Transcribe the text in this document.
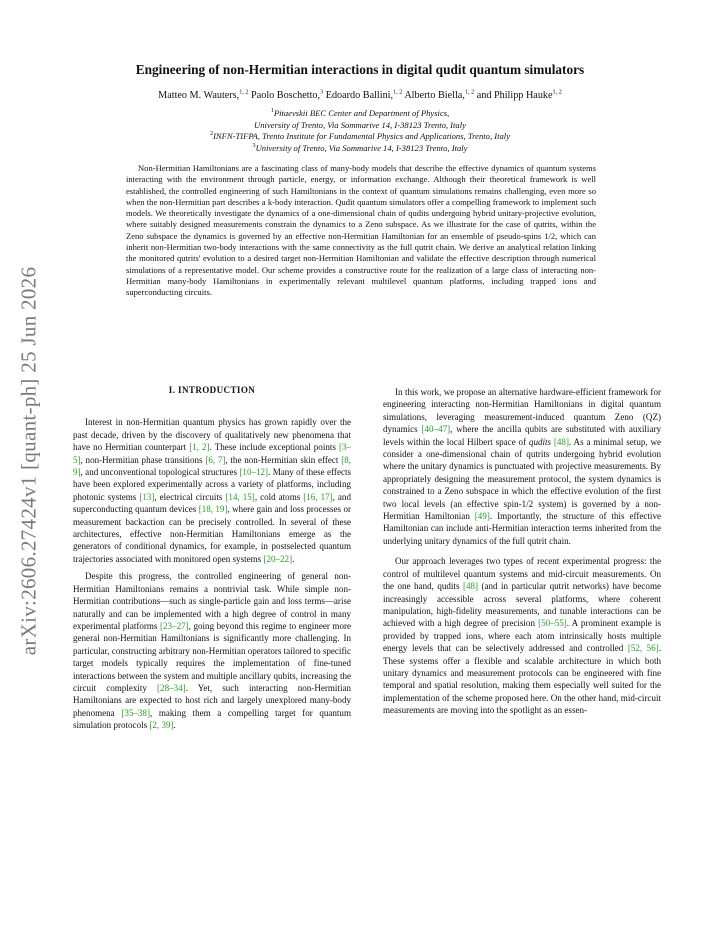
arXiv:2606.27424v1 [quant-ph] 25 Jun 2026
Engineering of non-Hermitian interactions in digital qudit quantum simulators
Matteo M. Wauters,$^{1, 2}$ Paolo Boschetto,$^3$ Edoardo Ballini,$^{1, 2}$ Alberto Biella,$^{1, 2}$ and Philipp Hauke$^{1, 2}$
$^1$Pitaevskii BEC Center and Department of Physics,
University of Trento, Via Sommarive 14, I-38123 Trento, Italy
$^2$INFN-TIFPA, Trento Institute for Fundamental Physics and Applications, Trento, Italy
$^3$University of Trento, Via Sommarive 14, I-38123 Trento, Italy

Non-Hermitian Hamiltonians are a fascinating class of many-body models that describe the effective dynamics of quantum systems interacting with the environment through particle, energy, or information exchange. Although their theoretical framework is well established, the controlled engineering of such Hamiltonians in the context of quantum simulations remains challenging, even more so when the non-Hermitian part describes a k-body interaction. Qudit quantum simulators offer a compelling framework to implement such models. We theoretically investigate the dynamics of a one-dimensional chain of qudits undergoing hybrid unitary-projective evolution, where suitably designed measurements constrain the dynamics to a Zeno subspace. As we illustrate for the case of qutrits, within the Zeno subspace the dynamics is governed by an effective non-Hermitian Hamiltonian for an ensemble of pseudo-spins 1/2, which can inherit non-Hermitian two-body interactions with the same connectivity as the full qutrit chain. We derive an analytical relation linking the monitored qutrits' evolution to a desired target non-Hermitian Hamiltonian and validate the effective description through numerical simulations of a representative model. Our scheme provides a constructive route for the realization of a large class of interacting non-Hermitian many-body Hamiltonians in experimentally relevant multilevel quantum platforms, including trapped ions and superconducting circuits.

I. INTRODUCTION

Interest in non-Hermitian quantum physics has grown rapidly over the past decade, driven by the discovery of qualitatively new phenomena that have no Hermitian counterpart [1, 2]. These include exceptional points [3–5], non-Hermitian phase transitions [6, 7], the non-Hermitian skin effect [8, 9], and unconventional topological structures [10–12]. Many of these effects have been explored experimentally across a variety of platforms, including photonic systems [13], electrical circuits [14, 15], cold atoms [16, 17], and superconducting quantum devices [18, 19], where gain and loss processes or measurement backaction can be precisely controlled. In several of these architectures, effective non-Hermitian Hamiltonians emerge as the generators of conditional dynamics, for example, in postselected quantum trajectories associated with monitored open systems [20–22].

Despite this progress, the controlled engineering of general non-Hermitian Hamiltonians remains a nontrivial task. While simple non-Hermitian contributions—such as single-particle gain and loss terms—arise naturally and can be implemented with a high degree of control in many experimental platforms [23–27], going beyond this regime to engineer more general non-Hermitian Hamiltonians is significantly more challenging. In particular, constructing arbitrary non-Hermitian operators tailored to specific target models typically requires the implementation of fine-tuned interactions between the system and multiple ancillary qubits, increasing the circuit complexity [28–34]. Yet, such interacting non-Hermitian Hamiltonians are expected to host rich and largely unexplored many-body phenomena [35–38], making them a compelling target for quantum simulation protocols [2, 39].

In this work, we propose an alternative hardware-efficient framework for engineering interacting non-Hermitian Hamiltonians in digital quantum simulations, leveraging measurement-induced quantum Zeno (QZ) dynamics [40–47], where the ancilla qubits are substituted with auxiliary levels within the local Hilbert space of qudits [48]. As a minimal setup, we consider a one-dimensional chain of qutrits undergoing hybrid evolution where the unitary dynamics is punctuated with projective measurements. By appropriately designing the measurement protocol, the system dynamics is constrained to a Zeno subspace in which the effective evolution of the first two local levels (an effective spin-1/2 system) is governed by a non-Hermitian Hamiltonian [49]. Importantly, the structure of this effective Hamiltonian can include anti-Hermitian interaction terms inherited from the underlying unitary dynamics of the full qutrit chain.

Our approach leverages two types of recent experimental progress: the control of multilevel quantum systems and mid-circuit measurements. On the one hand, qudits [48] (and in particular qutrit networks) have become increasingly accessible across several platforms, where coherent manipulation, high-fidelity measurements, and tunable interactions can be achieved with a high degree of precision [50–55]. A prominent example is provided by trapped ions, where each atom intrinsically hosts multiple energy levels that can be selectively addressed and controlled [52, 56]. These systems offer a flexible and scalable architecture in which both unitary dynamics and measurement protocols can be engineered with fine temporal and spatial resolution, making them especially well suited for the implementation of the scheme proposed here. On the other hand, mid-circuit measurements are moving into the spotlight as an essen-
